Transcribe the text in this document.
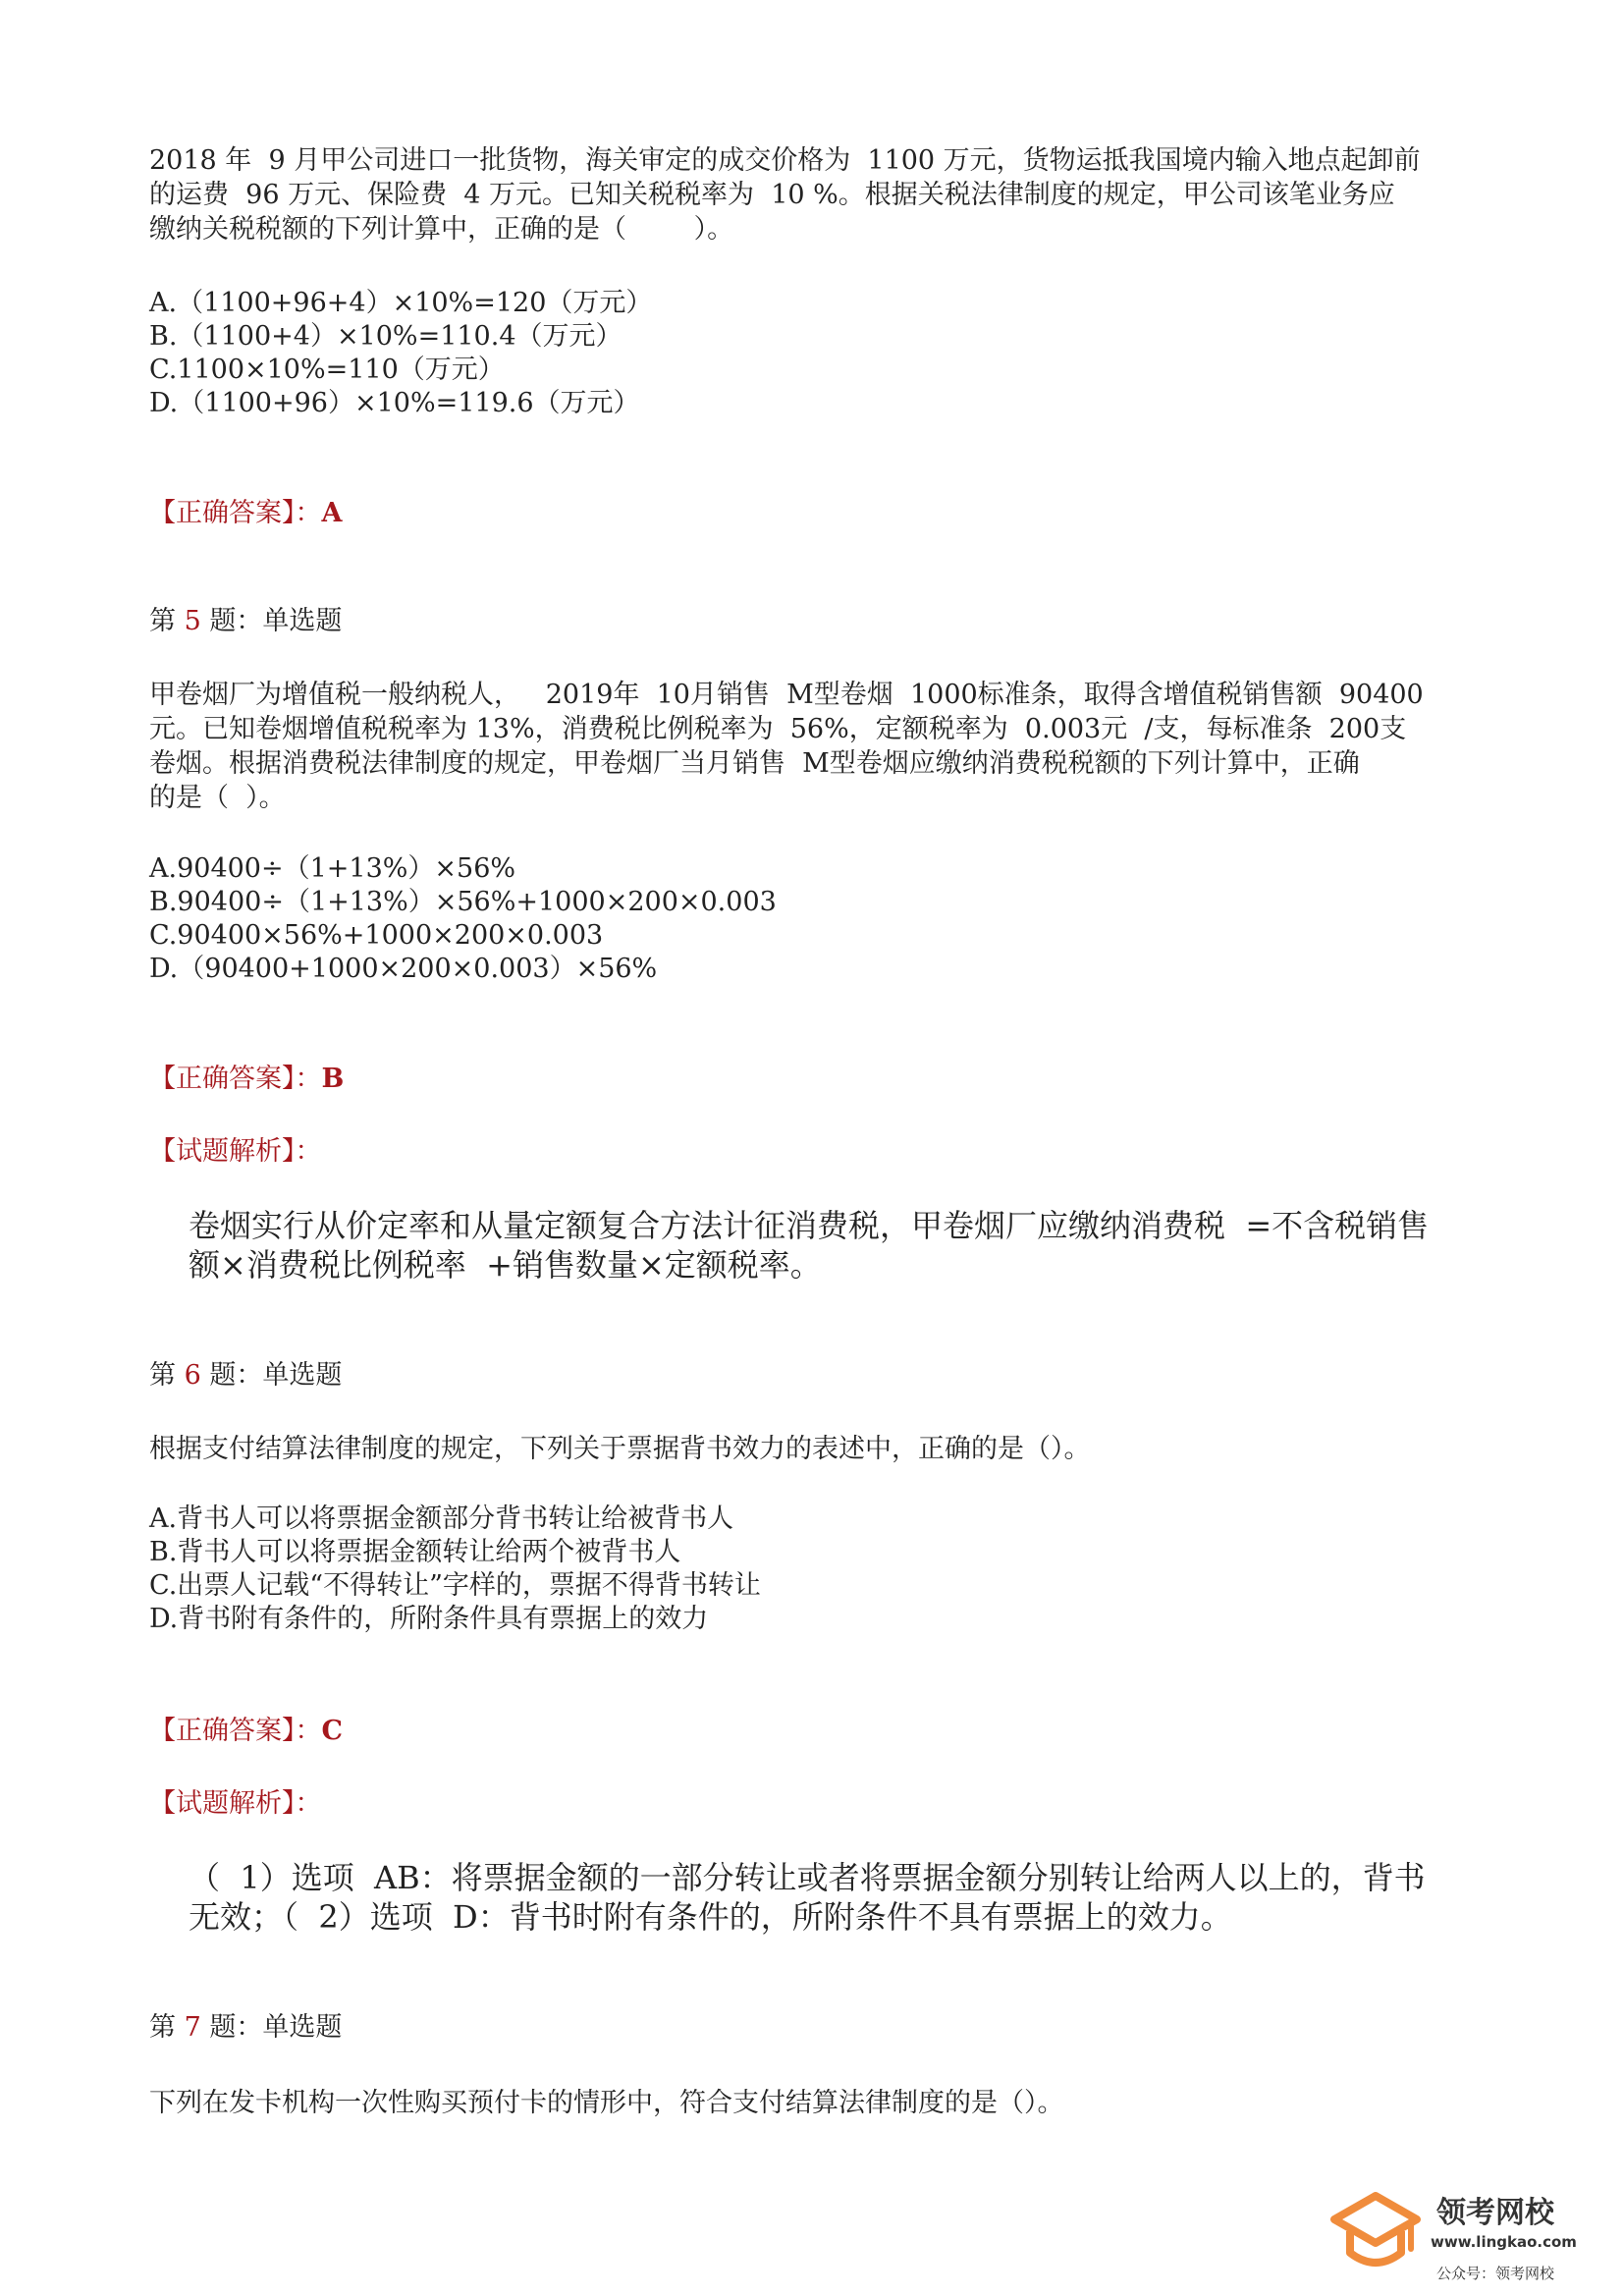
2018 年  9 月甲公司进口一批货物，海关审定的成交价格为  1100 万元，货物运抵我国境内输入地点起卸前
的运费  96 万元、保险费  4 万元。已知关税税率为  10 %。根据关税法律制度的规定，甲公司该笔业务应
缴纳关税税额的下列计算中，正确的是（        ）。
A.（1100+96+4）×10%=120（万元）
B.（1100+4）×10%=110.4（万元）
C.1100×10%=110（万元）
D.（1100+96）×10%=119.6（万元）
【正确答案】：A
第 5 题：单选题
甲卷烟厂为增值税一般纳税人，   2019年  10月销售  M型卷烟  1000标准条，取得含增值税销售额  90400
元。已知卷烟增值税税率为 13%，消费税比例税率为  56%，定额税率为  0.003元  /支，每标准条  200支
卷烟。根据消费税法律制度的规定，甲卷烟厂当月销售  M型卷烟应缴纳消费税税额的下列计算中，正确
的是（  ）。
A.90400÷（1+13%）×56%
B.90400÷（1+13%）×56%+1000×200×0.003
C.90400×56%+1000×200×0.003
D.（90400+1000×200×0.003）×56%
【正确答案】：B
【试题解析】：
卷烟实行从价定率和从量定额复合方法计征消费税，甲卷烟厂应缴纳消费税  =不含税销售
额×消费税比例税率  +销售数量×定额税率。
第 6 题：单选题
根据支付结算法律制度的规定，下列关于票据背书效力的表述中，正确的是（）。
A.背书人可以将票据金额部分背书转让给被背书人
B.背书人可以将票据金额转让给两个被背书人
C.出票人记载“不得转让”字样的，票据不得背书转让
D.背书附有条件的，所附条件具有票据上的效力
【正确答案】：C
【试题解析】：
（  1）选项  AB：将票据金额的一部分转让或者将票据金额分别转让给两人以上的，背书
无效；（  2）选项  D：背书时附有条件的，所附条件不具有票据上的效力。
第 7 题：单选题
下列在发卡机构一次性购买预付卡的情形中，符合支付结算法律制度的是（）。
领考网校
www.lingkao.com
公众号：领考网校
